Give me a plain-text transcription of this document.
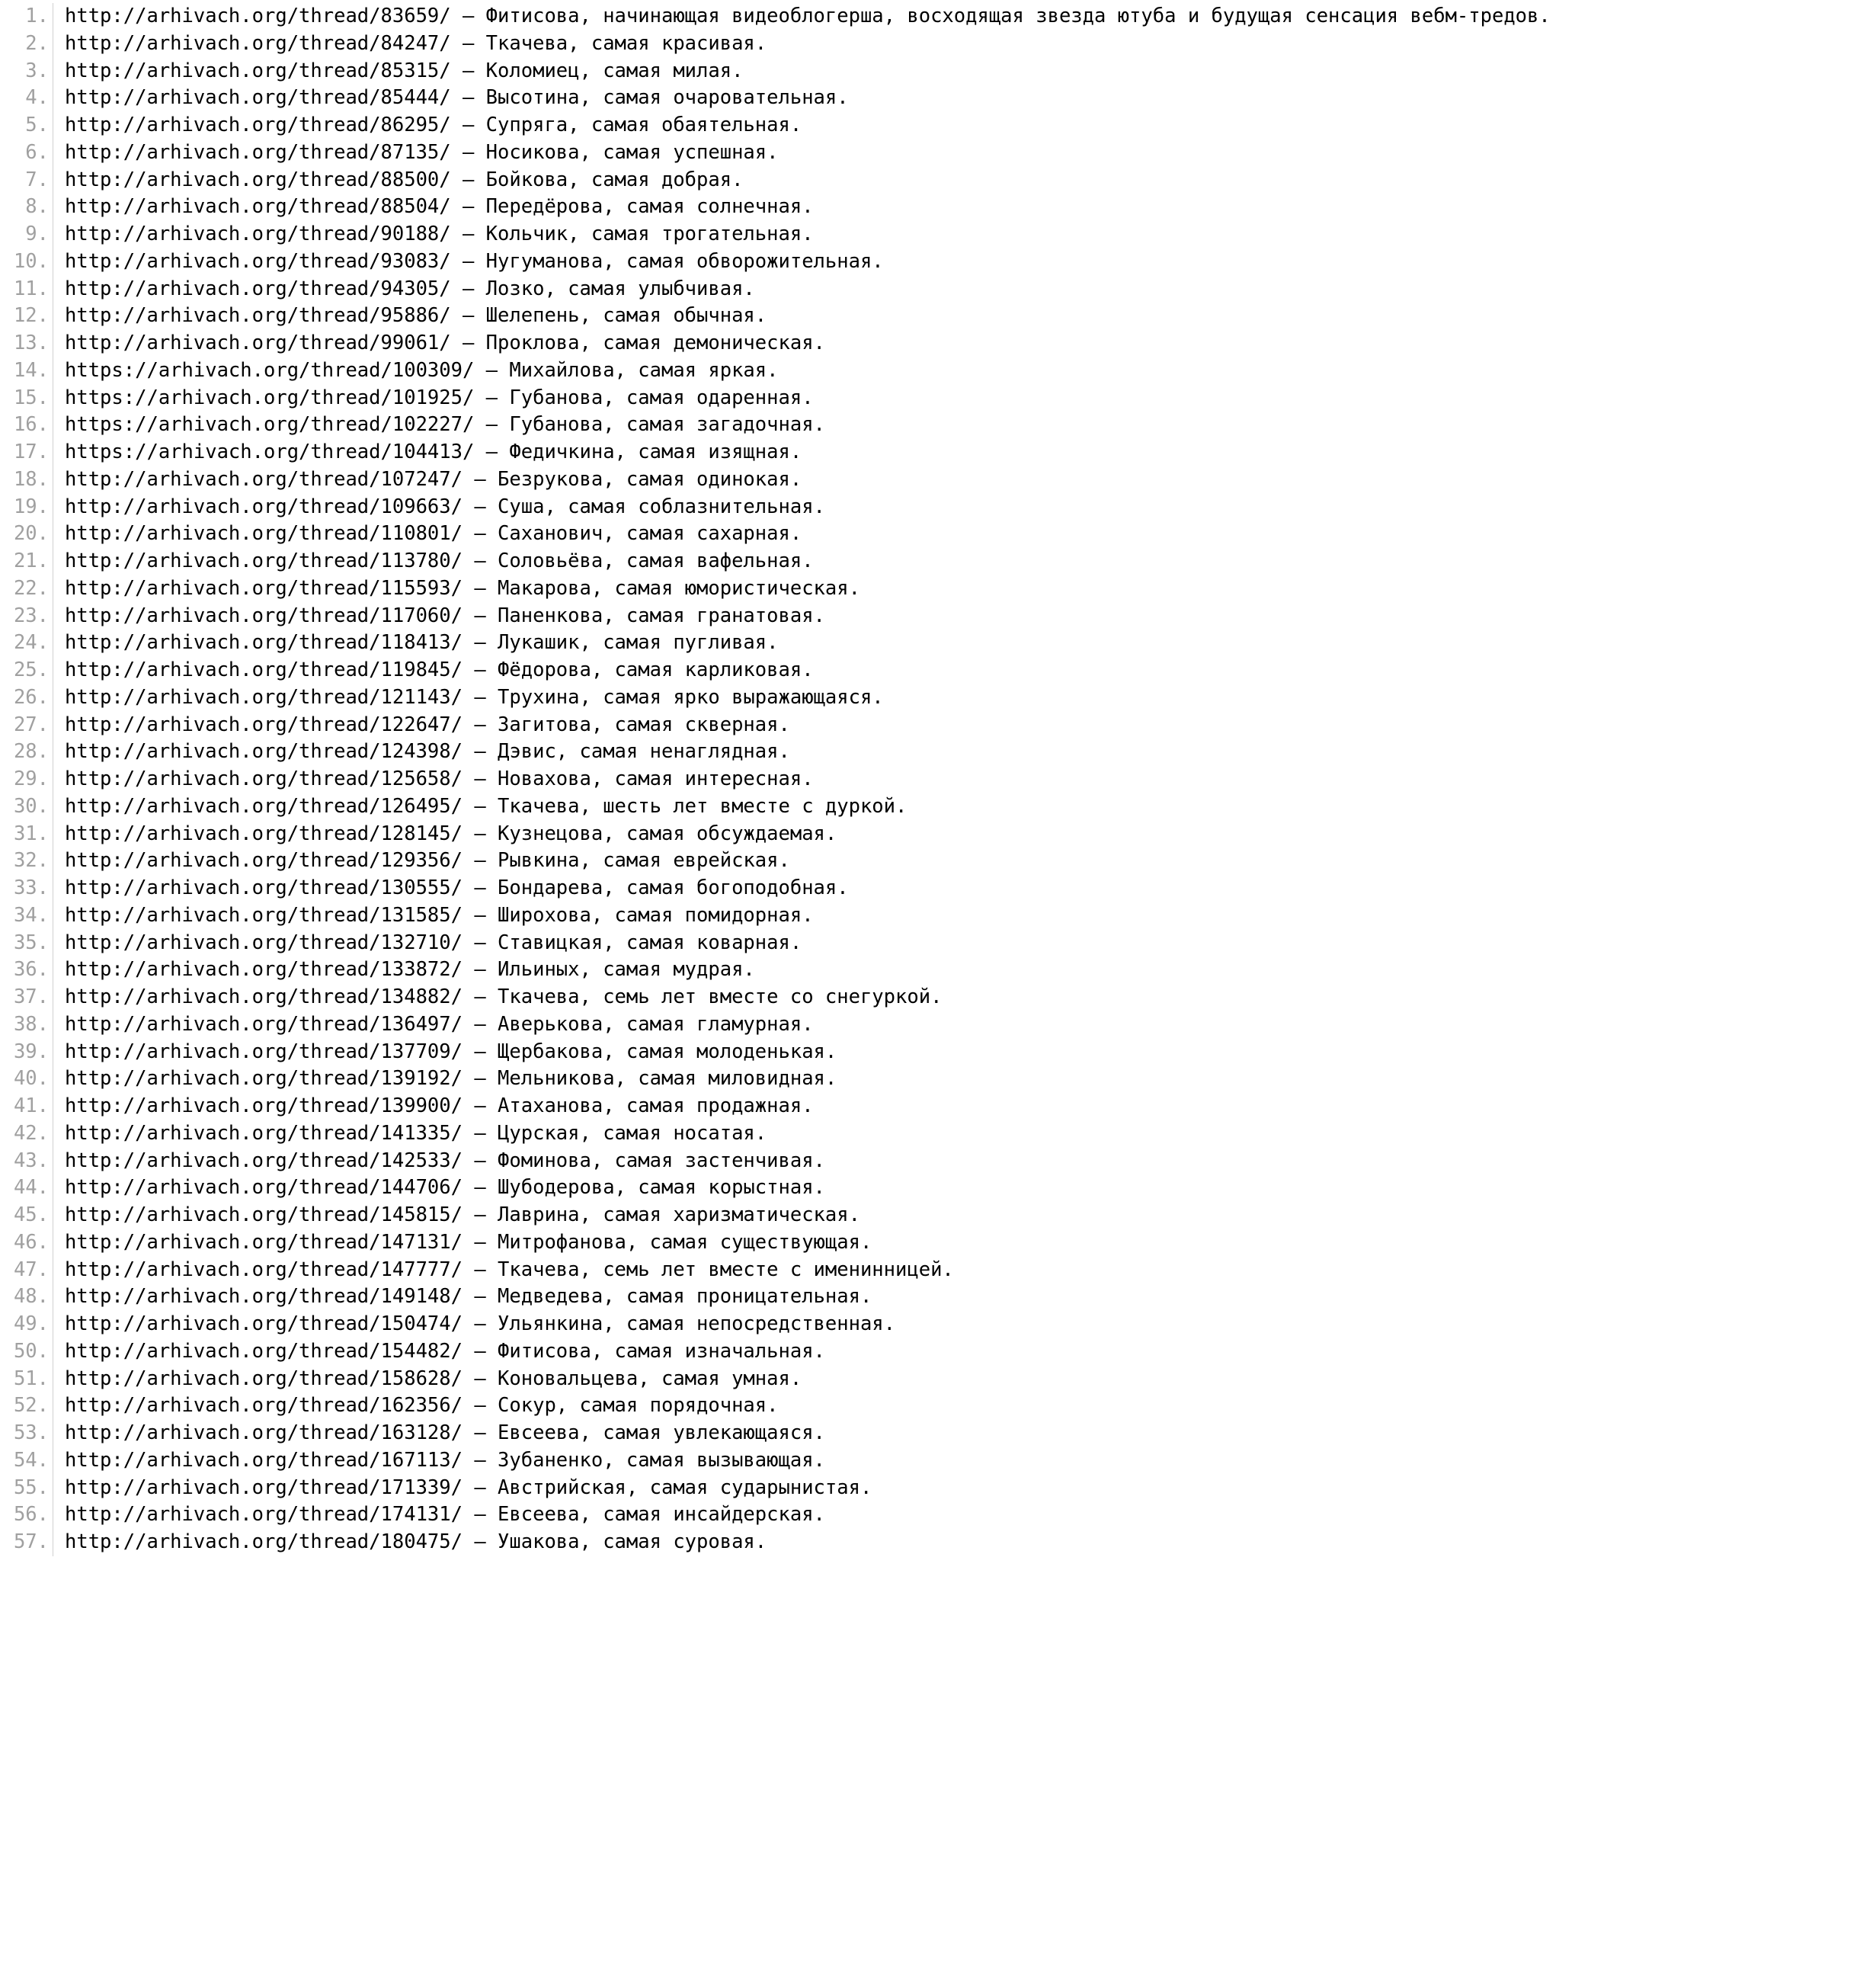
1. http://arhivach.org/thread/83659/ — Фитисова, начинающая видеоблогерша, восходящая звезда ютуба и будущая сенсация вебм-тредов.
2. http://arhivach.org/thread/84247/ — Ткачева, самая красивая.
3. http://arhivach.org/thread/85315/ — Коломиец, самая милая.
4. http://arhivach.org/thread/85444/ — Высотина, самая очаровательная.
5. http://arhivach.org/thread/86295/ — Супряга, самая обаятельная.
6. http://arhivach.org/thread/87135/ — Носикова, самая успешная.
7. http://arhivach.org/thread/88500/ — Бойкова, самая добрая.
8. http://arhivach.org/thread/88504/ — Передёрова, самая солнечная.
9. http://arhivach.org/thread/90188/ — Кольчик, самая трогательная.
10. http://arhivach.org/thread/93083/ — Нугуманова, самая обворожительная.
11. http://arhivach.org/thread/94305/ — Лозко, самая улыбчивая.
12. http://arhivach.org/thread/95886/ — Шелепень, самая обычная.
13. http://arhivach.org/thread/99061/ — Проклова, самая демоническая.
14. https://arhivach.org/thread/100309/ — Михайлова, самая яркая.
15. https://arhivach.org/thread/101925/ — Губанова, самая одаренная.
16. https://arhivach.org/thread/102227/ — Губанова, самая загадочная.
17. https://arhivach.org/thread/104413/ — Федичкина, самая изящная.
18. http://arhivach.org/thread/107247/ — Безрукова, самая одинокая.
19. http://arhivach.org/thread/109663/ — Суша, самая соблазнительная.
20. http://arhivach.org/thread/110801/ — Саханович, самая сахарная.
21. http://arhivach.org/thread/113780/ — Соловьёва, самая вафельная.
22. http://arhivach.org/thread/115593/ — Макарова, самая юмористическая.
23. http://arhivach.org/thread/117060/ — Паненкова, самая гранатовая.
24. http://arhivach.org/thread/118413/ — Лукашик, самая пугливая.
25. http://arhivach.org/thread/119845/ — Фёдорова, самая карликовая.
26. http://arhivach.org/thread/121143/ — Трухина, самая ярко выражающаяся.
27. http://arhivach.org/thread/122647/ — Загитова, самая скверная.
28. http://arhivach.org/thread/124398/ — Дэвис, самая ненаглядная.
29. http://arhivach.org/thread/125658/ — Новахова, самая интересная.
30. http://arhivach.org/thread/126495/ — Ткачева, шесть лет вместе с дуркой.
31. http://arhivach.org/thread/128145/ — Кузнецова, самая обсуждаемая.
32. http://arhivach.org/thread/129356/ — Рывкина, самая еврейская.
33. http://arhivach.org/thread/130555/ — Бондарева, самая богоподобная.
34. http://arhivach.org/thread/131585/ — Широхова, самая помидорная.
35. http://arhivach.org/thread/132710/ — Ставицкая, самая коварная.
36. http://arhivach.org/thread/133872/ — Ильиных, самая мудрая.
37. http://arhivach.org/thread/134882/ — Ткачева, семь лет вместе со снегуркой.
38. http://arhivach.org/thread/136497/ — Аверькова, самая гламурная.
39. http://arhivach.org/thread/137709/ — Щербакова, самая молоденькая.
40. http://arhivach.org/thread/139192/ — Мельникова, самая миловидная.
41. http://arhivach.org/thread/139900/ — Атаханова, самая продажная.
42. http://arhivach.org/thread/141335/ — Цурская, самая носатая.
43. http://arhivach.org/thread/142533/ — Фоминова, самая застенчивая.
44. http://arhivach.org/thread/144706/ — Шубодерова, самая корыстная.
45. http://arhivach.org/thread/145815/ — Лаврина, самая харизматическая.
46. http://arhivach.org/thread/147131/ — Митрофанова, самая существующая.
47. http://arhivach.org/thread/147777/ — Ткачева, семь лет вместе с именинницей.
48. http://arhivach.org/thread/149148/ — Медведева, самая проницательная.
49. http://arhivach.org/thread/150474/ — Ульянкина, самая непосредственная.
50. http://arhivach.org/thread/154482/ — Фитисова, самая изначальная.
51. http://arhivach.org/thread/158628/ — Коновальцева, самая умная.
52. http://arhivach.org/thread/162356/ — Сокур, самая порядочная.
53. http://arhivach.org/thread/163128/ — Евсеева, самая увлекающаяся.
54. http://arhivach.org/thread/167113/ — Зубаненко, самая вызывающая.
55. http://arhivach.org/thread/171339/ — Австрийская, самая сударынистая.
56. http://arhivach.org/thread/174131/ — Евсеева, самая инсайдерская.
57. http://arhivach.org/thread/180475/ — Ушакова, самая суровая.
